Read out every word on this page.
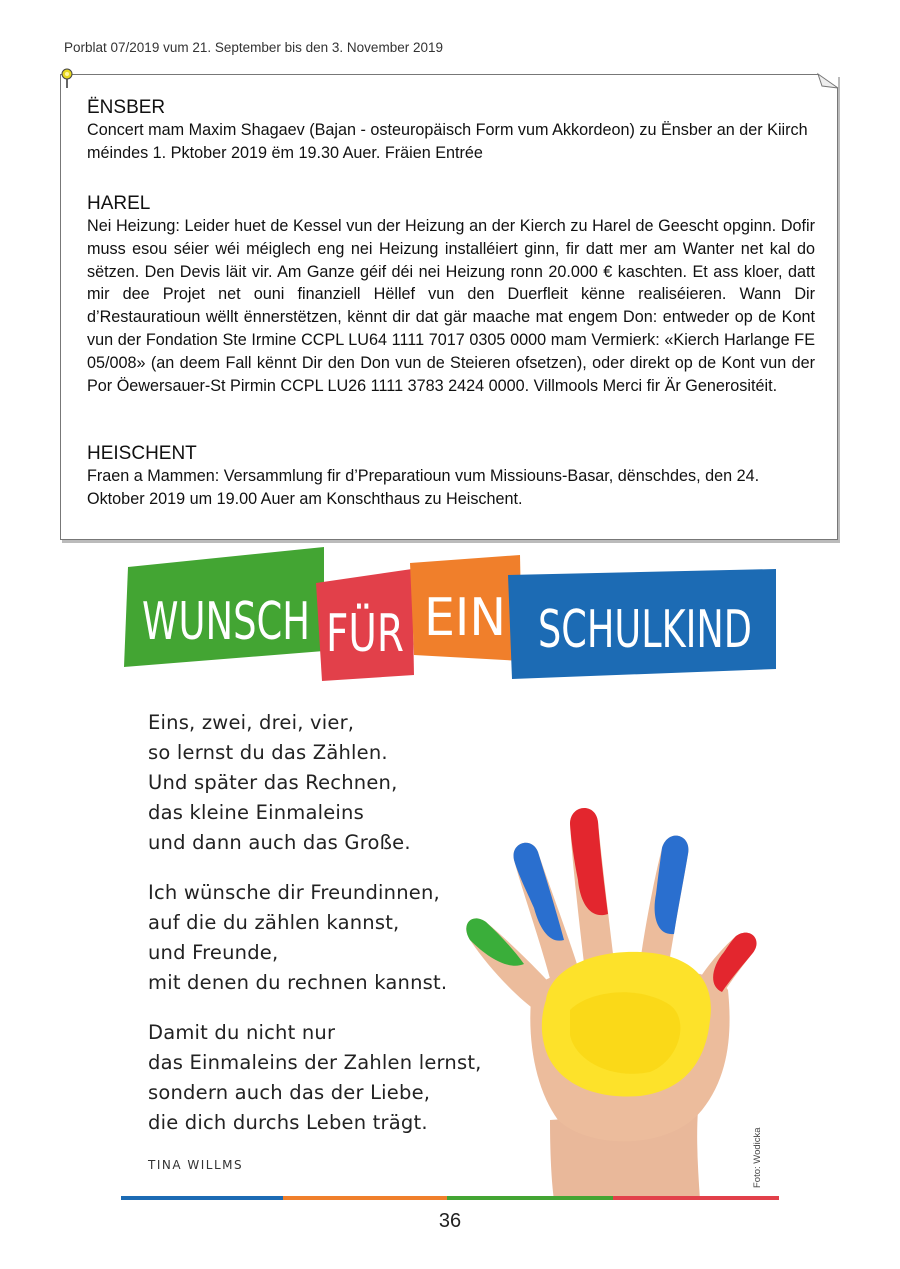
Porblat 07/2019 vum 21. September bis den 3. November 2019
ËNSBER

Concert mam Maxim Shagaev (Bajan - osteuropäisch Form vum Akkordeon) zu Ënsber an der Kiirch méindes 1. Pktober 2019 ëm 19.30 Auer. Fräien Entrée

HAREL

Nei Heizung: Leider huet de Kessel vun der Heizung an der Kierch zu Harel de Geescht opginn. Dofir muss esou séier wéi méiglech eng nei Heizung installéiert ginn, fir datt mer am Wanter net kal do sëtzen. Den Devis läit vir. Am Ganze géif déi nei Heizung ronn 20.000 € kaschten. Et ass kloer, datt mir dee Projet net ouni finanziell Hëllef vun den Duerfleit kënne realiséieren. Wann Dir d’Restauratioun wëllt ënnerstëtzen, kënnt dir dat gär maache mat engem Don: entweder op de Kont vun der Fondation Ste Irmine CCPL LU64 1111 7017 0305 0000 mam Vermierk: «Kierch Harlange FE 05/008» (an deem Fall kënnt Dir den Don vun de Steieren ofsetzen), oder direkt op de Kont vun der Por Öewersauer-St Pirmin CCPL LU26 1111 3783 2424 0000. Villmools Merci fir Är Generositéit.

HEISCHENT

Fraen a Mammen: Versammlung fir d’Preparatioun vum Missiouns-Basar, dënschdes, den 24. Oktober 2019 um 19.00 Auer am Konschthaus zu Heischent.

WUNSCH FÜR EIN SCHULKIND

Eins, zwei, drei, vier,
so lernst du das Zählen.
Und später das Rechnen,
das kleine Einmaleins
und dann auch das Große.

Ich wünsche dir Freundinnen,
auf die du zählen kannst,
und Freunde,
mit denen du rechnen kannst.

Damit du nicht nur
das Einmaleins der Zahlen lernst,
sondern auch das der Liebe,
die dich durchs Leben trägt.

TINA WILLMS	Foto: Wodicka
36
